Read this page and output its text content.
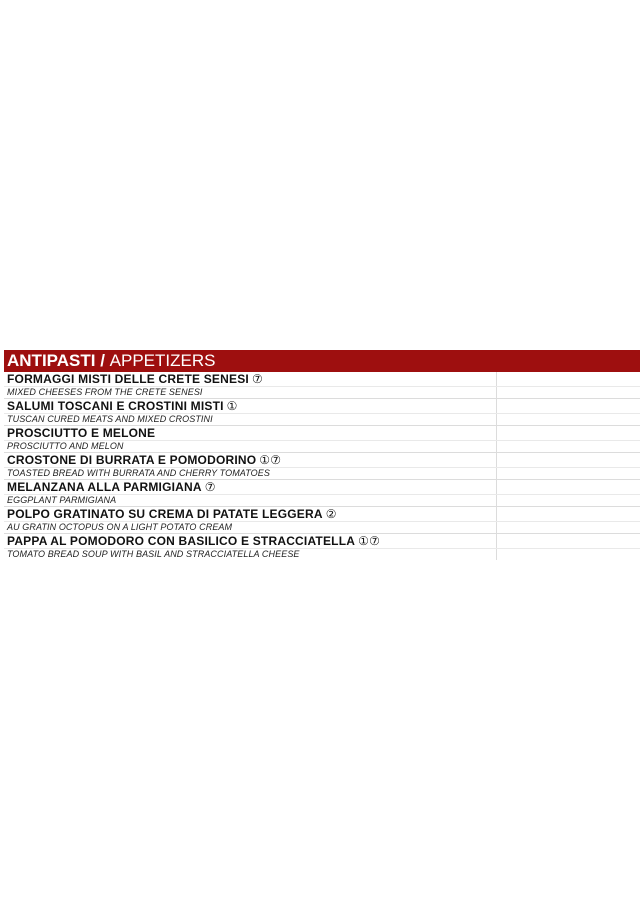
ANTIPASTI / APPETIZERS
FORMAGGI MISTI DELLE CRETE SENESI ⑦
MIXED CHEESES FROM THE CRETE SENESI
SALUMI TOSCANI E CROSTINI MISTI ①
TUSCAN CURED MEATS AND MIXED CROSTINI
PROSCIUTTO E MELONE
PROSCIUTTO AND MELON
CROSTONE DI BURRATA E POMODORINO ①⑦
TOASTED BREAD WITH BURRATA AND CHERRY TOMATOES
MELANZANA ALLA PARMIGIANA ⑦
EGGPLANT PARMIGIANA
POLPO GRATINATO SU CREMA DI PATATE LEGGERA ②
AU GRATIN OCTOPUS ON A LIGHT POTATO CREAM
PAPPA AL POMODORO CON BASILICO E STRACCIATELLA ①⑦
TOMATO BREAD SOUP WITH BASIL AND STRACCIATELLA CHEESE
